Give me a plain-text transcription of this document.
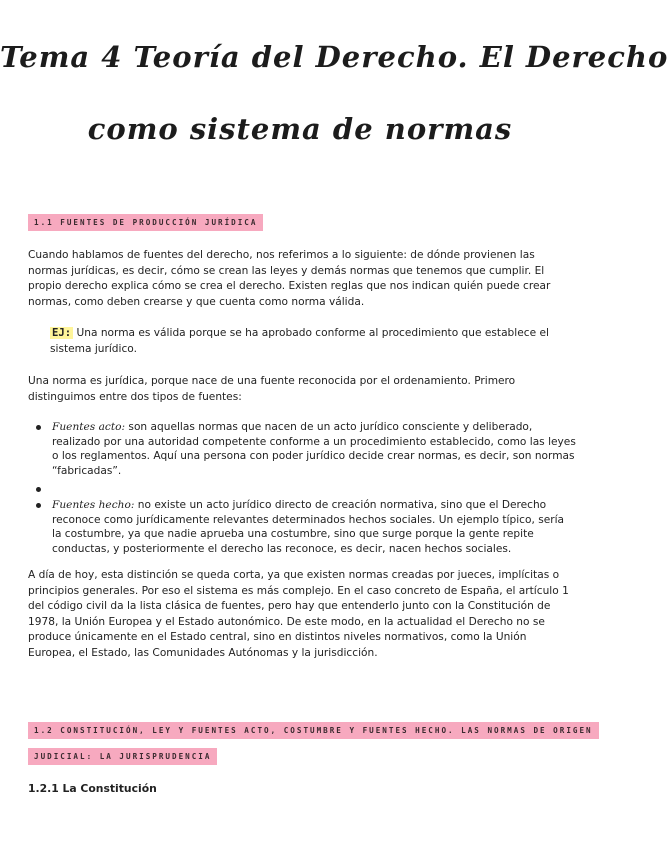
Tema 4 Teoría del Derecho. El Derecho
como sistema de normas
1.1 FUENTES DE PRODUCCIÓN JURÍDICA

Cuando hablamos de fuentes del derecho, nos referimos a lo siguiente: de dónde provienen las normas jurídicas, es decir, cómo se crean las leyes y demás normas que tenemos que cumplir. El propio derecho explica cómo se crea el derecho. Existen reglas que nos indican quién puede crear normas, como deben crearse y que cuenta como norma válida.

EJ: Una norma es válida porque se ha aprobado conforme al procedimiento que establece el sistema jurídico.

Una norma es jurídica, porque nace de una fuente reconocida por el ordenamiento. Primero distinguimos entre dos tipos de fuentes:

Fuentes acto: son aquellas normas que nacen de un acto jurídico consciente y deliberado, realizado por una autoridad competente conforme a un procedimiento establecido, como las leyes o los reglamentos. Aquí una persona con poder jurídico decide crear normas, es decir, son normas “fabricadas”.
Fuentes hecho: no existe un acto jurídico directo de creación normativa, sino que el Derecho reconoce como jurídicamente relevantes determinados hechos sociales. Un ejemplo típico, sería la costumbre, ya que nadie aprueba una costumbre, sino que surge porque la gente repite conductas, y posteriormente el derecho las reconoce, es decir, nacen hechos sociales.

A día de hoy, esta distinción se queda corta, ya que existen normas creadas por jueces, implícitas o principios generales. Por eso el sistema es más complejo. En el caso concreto de España, el artículo 1 del código civil da la lista clásica de fuentes, pero hay que entenderlo junto con la Constitución de 1978, la Unión Europea y el Estado autonómico. De este modo, en la actualidad el Derecho no se produce únicamente en el Estado central, sino en distintos niveles normativos, como la Unión Europea, el Estado, las Comunidades Autónomas y la jurisdicción.

1.2 CONSTITUCIÓN, LEY Y FUENTES ACTO, COSTUMBRE Y FUENTES HECHO. LAS NORMAS DE ORIGEN
JUDICIAL: LA JURISPRUDENCIA

1.2.1 La Constitución
